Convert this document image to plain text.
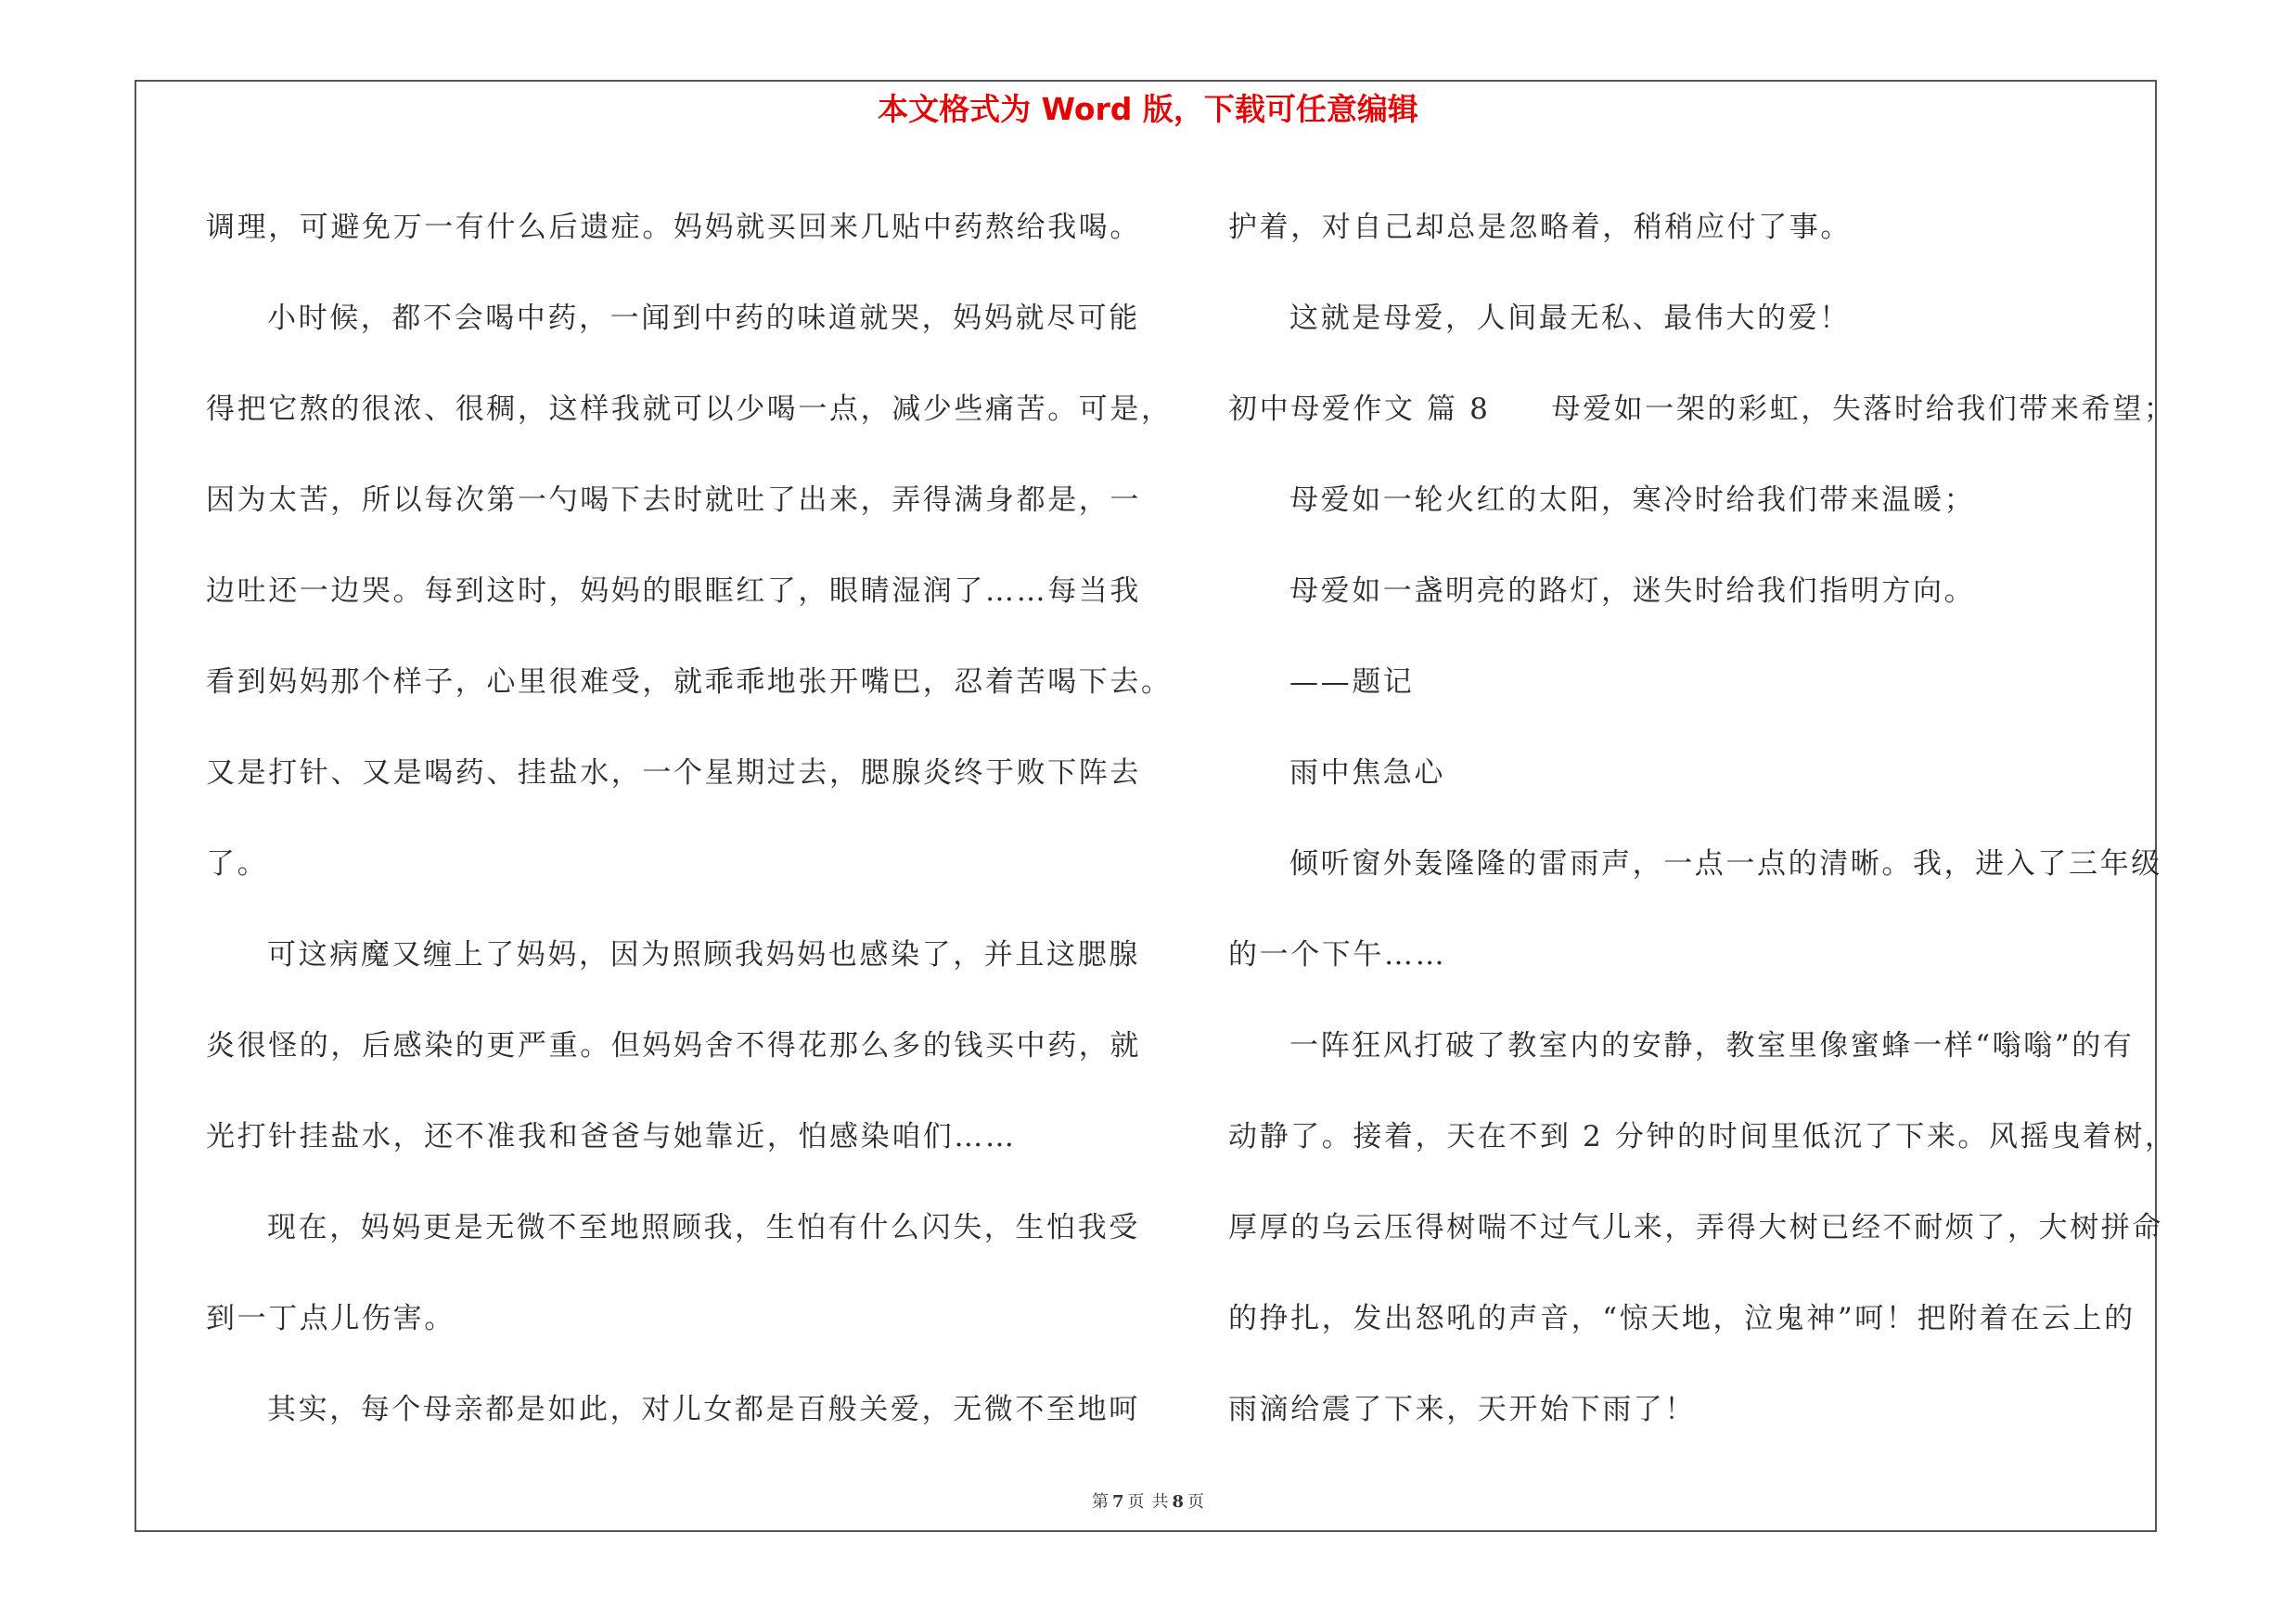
本文格式为 Word 版，下载可任意编辑
调理，可避免万一有什么后遗症。妈妈就买回来几贴中药熬给我喝。
小时候，都不会喝中药，一闻到中药的味道就哭，妈妈就尽可能
得把它熬的很浓、很稠，这样我就可以少喝一点，减少些痛苦。可是，
因为太苦，所以每次第一勺喝下去时就吐了出来，弄得满身都是，一
边吐还一边哭。每到这时，妈妈的眼眶红了，眼睛湿润了……每当我
看到妈妈那个样子，心里很难受，就乖乖地张开嘴巴，忍着苦喝下去。
又是打针、又是喝药、挂盐水，一个星期过去，腮腺炎终于败下阵去
了。
可这病魔又缠上了妈妈，因为照顾我妈妈也感染了，并且这腮腺
炎很怪的，后感染的更严重。但妈妈舍不得花那么多的钱买中药，就
光打针挂盐水，还不准我和爸爸与她靠近，怕感染咱们……
现在，妈妈更是无微不至地照顾我，生怕有什么闪失，生怕我受
到一丁点儿伤害。
其实，每个母亲都是如此，对儿女都是百般关爱，无微不至地呵
护着，对自己却总是忽略着，稍稍应付了事。
这就是母爱，人间最无私、最伟大的爱！
初中母爱作文 篇 8 母爱如一架的彩虹，失落时给我们带来希望；
母爱如一轮火红的太阳，寒冷时给我们带来温暖；
母爱如一盏明亮的路灯，迷失时给我们指明方向。
——题记
雨中焦急心
倾听窗外轰隆隆的雷雨声，一点一点的清晰。我，进入了三年级
的一个下午……
一阵狂风打破了教室内的安静，教室里像蜜蜂一样“嗡嗡”的有
动静了。接着，天在不到 2 分钟的时间里低沉了下来。风摇曳着树，
厚厚的乌云压得树喘不过气儿来，弄得大树已经不耐烦了，大树拼命
的挣扎，发出怒吼的声音，“惊天地，泣鬼神”呵！把附着在云上的
雨滴给震了下来，天开始下雨了！
第 7 页 共 8 页
